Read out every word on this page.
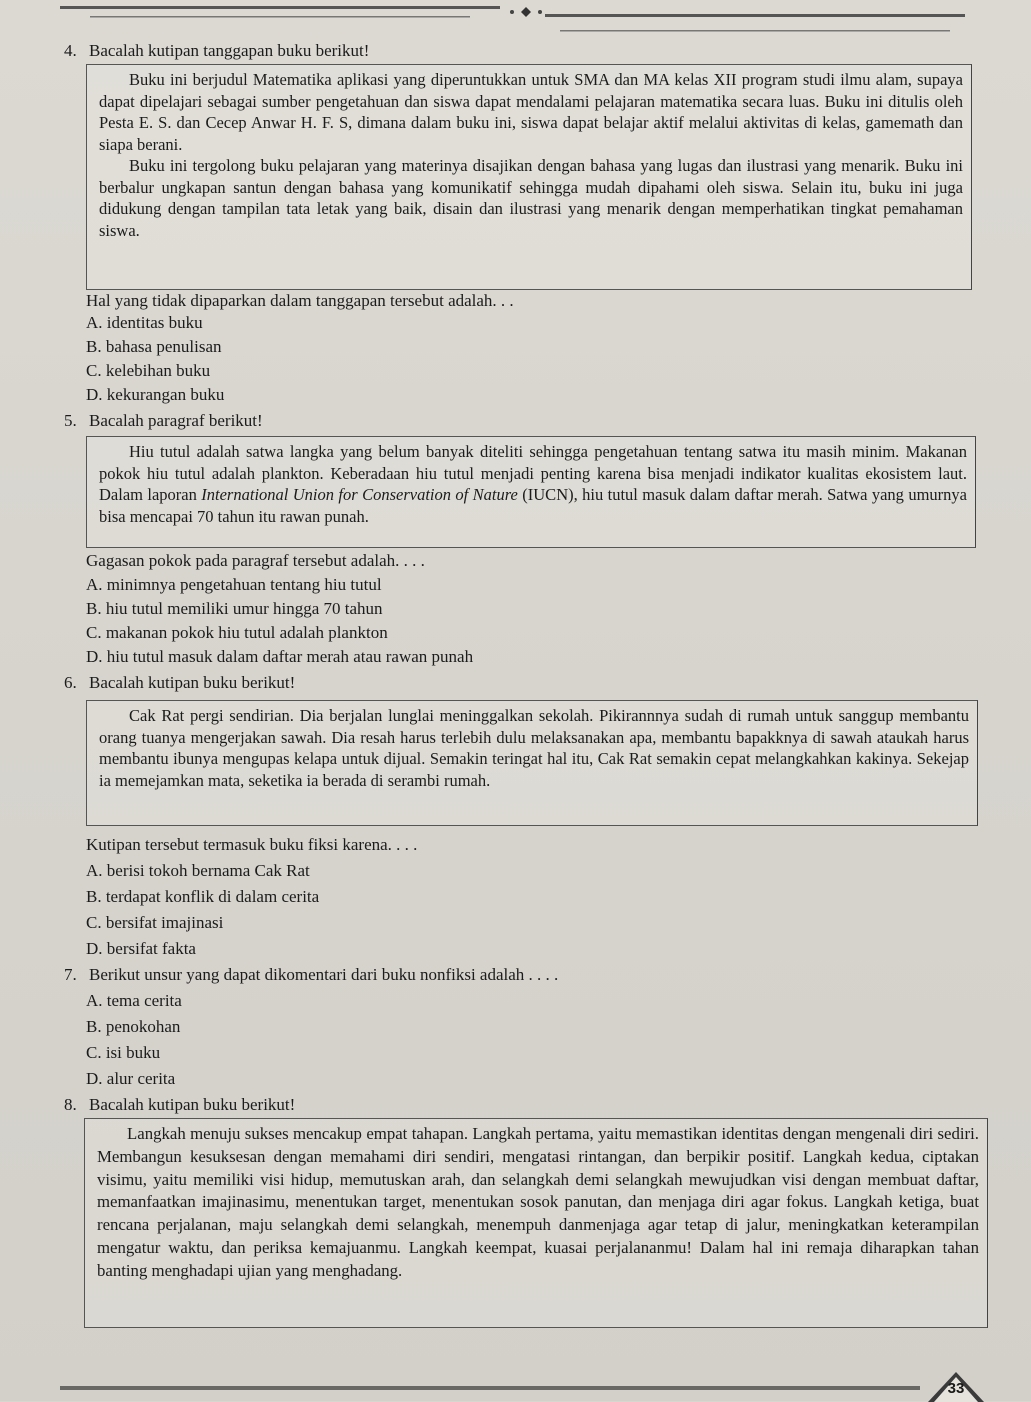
4. Bacalah kutipan tanggapan buku berikut!

Buku ini berjudul Matematika aplikasi yang diperuntukkan untuk SMA dan MA kelas XII program studi ilmu alam, supaya dapat dipelajari sebagai sumber pengetahuan dan siswa dapat mendalami pelajaran matematika secara luas. Buku ini ditulis oleh Pesta E. S. dan Cecep Anwar H. F. S, dimana dalam buku ini, siswa dapat belajar aktif melalui aktivitas di kelas, gamemath dan siapa berani.

Buku ini tergolong buku pelajaran yang materinya disajikan dengan bahasa yang lugas dan ilustrasi yang menarik. Buku ini berbalur ungkapan santun dengan bahasa yang komunikatif sehingga mudah dipahami oleh siswa. Selain itu, buku ini juga didukung dengan tampilan tata letak yang baik, disain dan ilustrasi yang menarik dengan memperhatikan tingkat pemahaman siswa.

Hal yang tidak dipaparkan dalam tanggapan tersebut adalah. . .
A. identitas buku
B. bahasa penulisan
C. kelebihan buku
D. kekurangan buku
5. Bacalah paragraf berikut!

Hiu tutul adalah satwa langka yang belum banyak diteliti sehingga pengetahuan tentang satwa itu masih minim. Makanan pokok hiu tutul adalah plankton. Keberadaan hiu tutul menjadi penting karena bisa menjadi indikator kualitas ekosistem laut. Dalam laporan International Union for Conservation of Nature (IUCN), hiu tutul masuk dalam daftar merah. Satwa yang umurnya bisa mencapai 70 tahun itu rawan punah.

Gagasan pokok pada paragraf tersebut adalah. . . .
A. minimnya pengetahuan tentang hiu tutul
B. hiu tutul memiliki umur hingga 70 tahun
C. makanan pokok hiu tutul adalah plankton
D. hiu tutul masuk dalam daftar merah atau rawan punah
6. Bacalah kutipan buku berikut!

Cak Rat pergi sendirian. Dia berjalan lunglai meninggalkan sekolah. Pikirannnya sudah di rumah untuk sanggup membantu orang tuanya mengerjakan sawah. Dia resah harus terlebih dulu melaksanakan apa, membantu bapakknya di sawah ataukah harus membantu ibunya mengupas kelapa untuk dijual. Semakin teringat hal itu, Cak Rat semakin cepat melangkahkan kakinya. Sekejap ia memejamkan mata, seketika ia berada di serambi rumah.

Kutipan tersebut termasuk buku fiksi karena. . . .
A. berisi tokoh bernama Cak Rat
B. terdapat konflik di dalam cerita
C. bersifat imajinasi
D. bersifat fakta
7. Berikut unsur yang dapat dikomentari dari buku nonfiksi adalah . . . .
A. tema cerita
B. penokohan
C. isi buku
D. alur cerita
8. Bacalah kutipan buku berikut!

Langkah menuju sukses mencakup empat tahapan. Langkah pertama, yaitu memastikan identitas dengan mengenali diri sediri. Membangun kesuksesan dengan memahami diri sendiri, mengatasi rintangan, dan berpikir positif. Langkah kedua, ciptakan visimu, yaitu memiliki visi hidup, memutuskan arah, dan selangkah demi selangkah mewujudkan visi dengan membuat daftar, memanfaatkan imajinasimu, menentukan target, menentukan sosok panutan, dan menjaga diri agar fokus. Langkah ketiga, buat rencana perjalanan, maju selangkah demi selangkah, menempuh danmenjaga agar tetap di jalur, meningkatkan keterampilan mengatur waktu, dan periksa kemajuanmu. Langkah keempat, kuasai perjalananmu! Dalam hal ini remaja diharapkan tahan banting menghadapi ujian yang menghadang.

33
